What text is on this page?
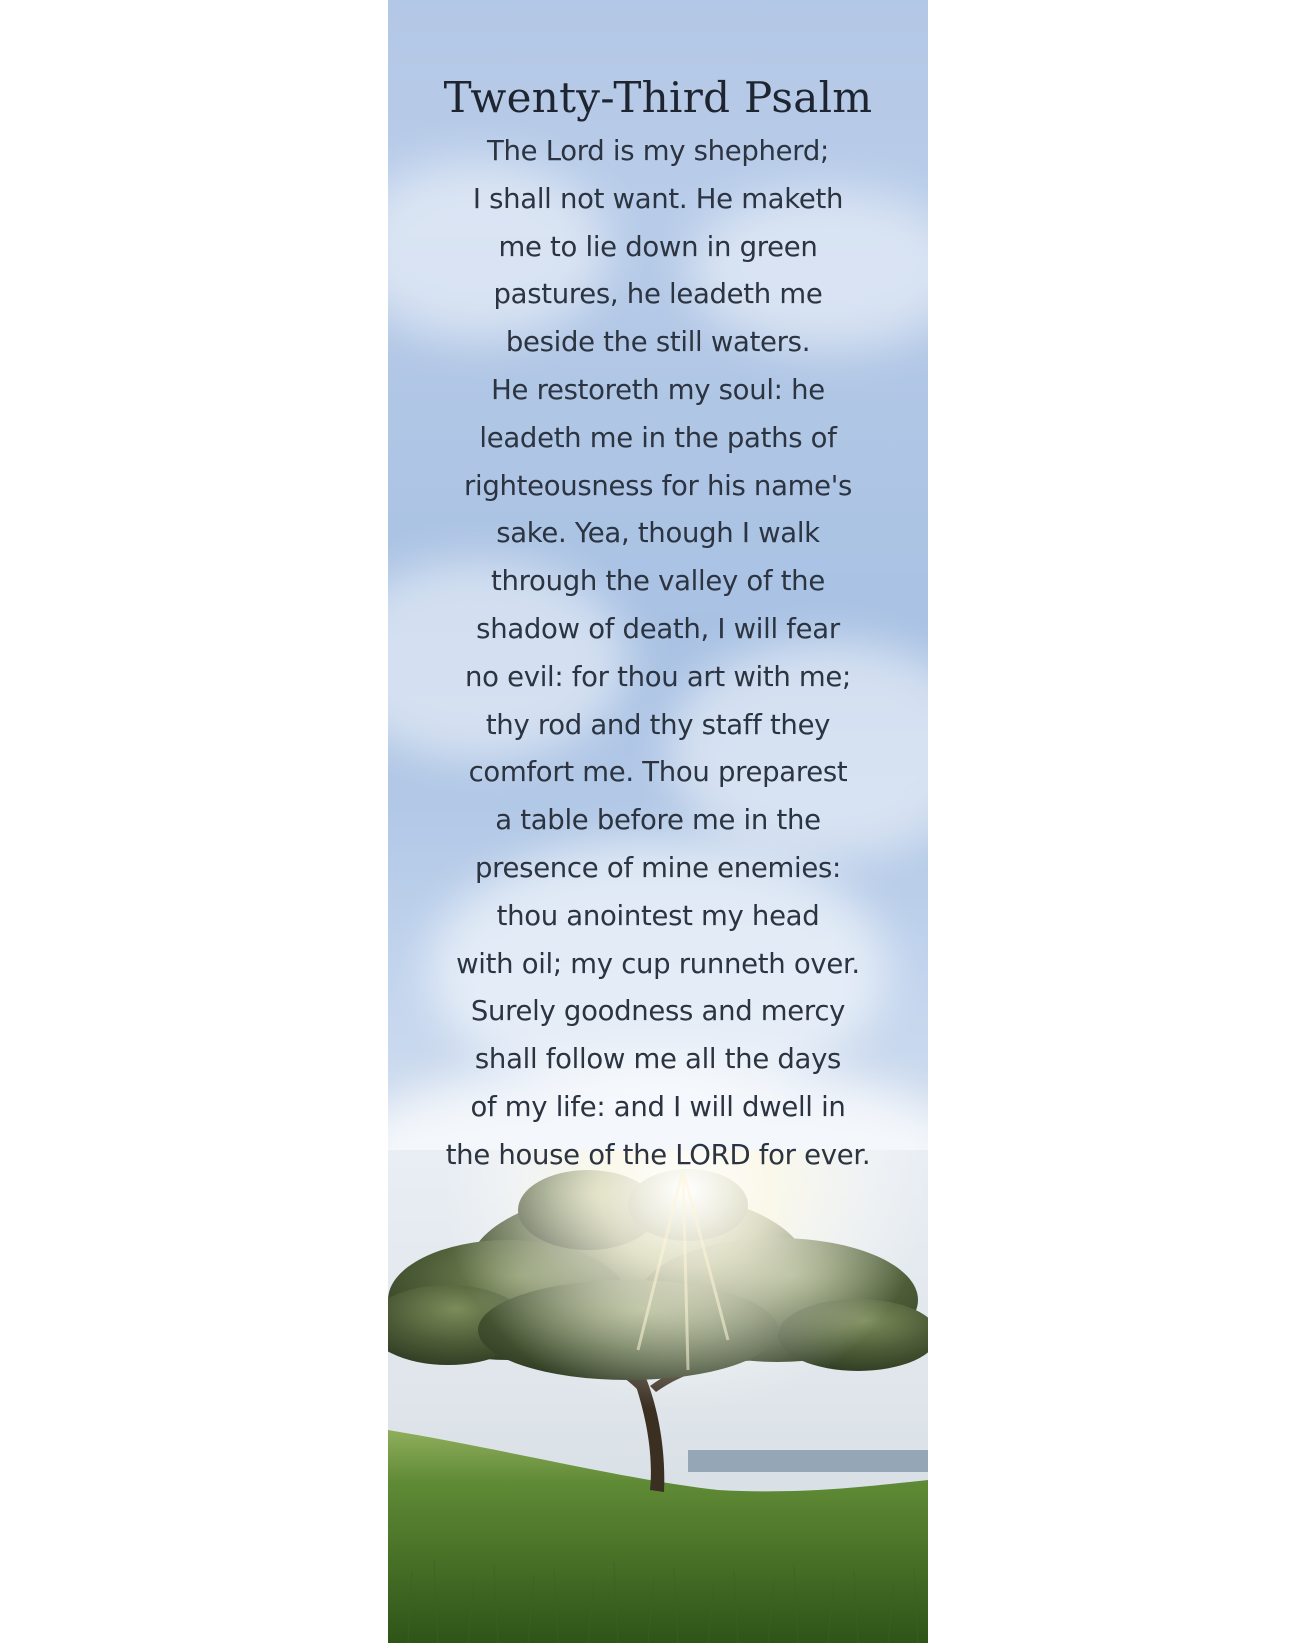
Twenty-Third Psalm
The Lord is my shepherd;
I shall not want. He maketh
me to lie down in green
pastures, he leadeth me
beside the still waters.
He restoreth my soul: he
leadeth me in the paths of
righteousness for his name's
sake. Yea, though I walk
through the valley of the
shadow of death, I will fear
no evil: for thou art with me;
thy rod and thy staff they
comfort me. Thou preparest
a table before me in the
presence of mine enemies:
thou anointest my head
with oil; my cup runneth over.
Surely goodness and mercy
shall follow me all the days
of my life: and I will dwell in
the house of the LORD for ever.
